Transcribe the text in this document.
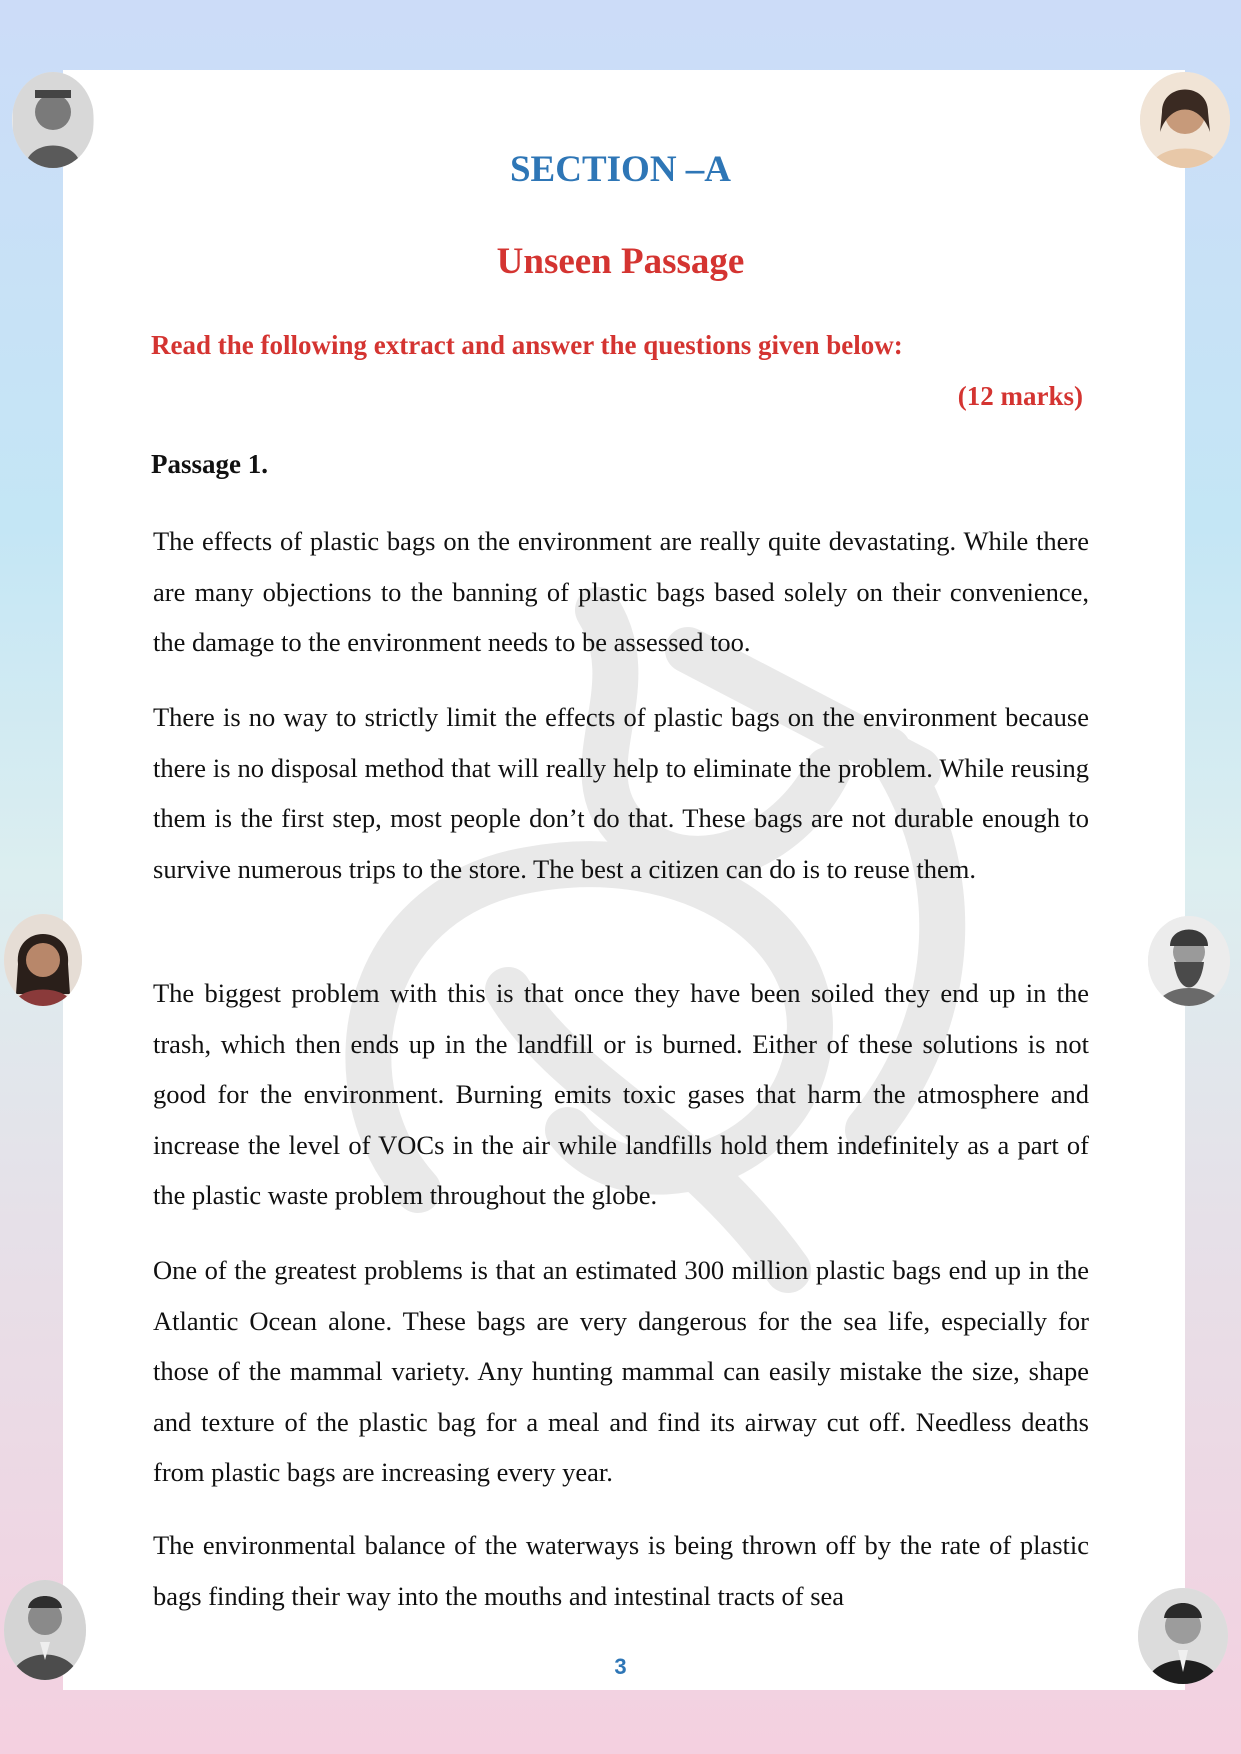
SECTION –A
Unseen Passage

Read the following extract and answer the questions given below:

(12 marks)

Passage 1.

The effects of plastic bags on the environment are really quite devastating. While there are many objections to the banning of plastic bags based solely on their convenience, the damage to the environment needs to be assessed too.

There is no way to strictly limit the effects of plastic bags on the environment because there is no disposal method that will really help to eliminate the problem. While reusing them is the first step, most people don’t do that. These bags are not durable enough to survive numerous trips to the store. The best a citizen can do is to reuse them.

The biggest problem with this is that once they have been soiled they end up in the trash, which then ends up in the landfill or is burned. Either of these solutions is not good for the environment. Burning emits toxic gases that harm the atmosphere and increase the level of VOCs in the air while landfills hold them indefinitely as a part of the plastic waste problem throughout the globe.

One of the greatest problems is that an estimated 300 million plastic bags end up in the Atlantic Ocean alone. These bags are very dangerous for the sea life, especially for those of the mammal variety. Any hunting mammal can easily mistake the size, shape and texture of the plastic bag for a meal and find its airway cut off. Needless deaths from plastic bags are increasing every year.

The environmental balance of the waterways is being thrown off by the rate of plastic bags finding their way into the mouths and intestinal tracts of sea

3
